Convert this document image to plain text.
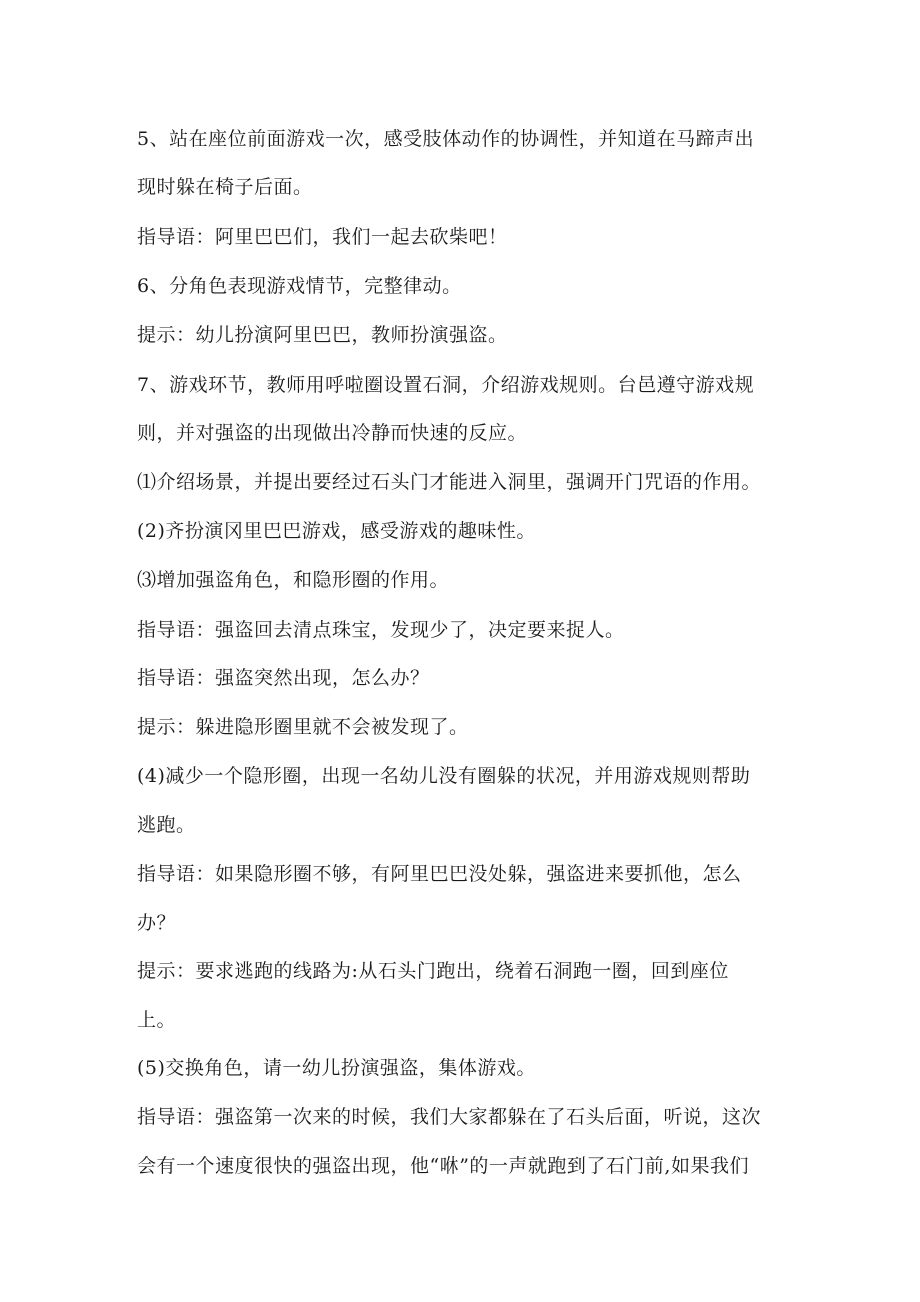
5、站在座位前面游戏一次，感受肢体动作的协调性，并知道在马蹄声出
现时躲在椅子后面。
指导语：阿里巴巴们，我们一起去砍柴吧！
6、分角色表现游戏情节，完整律动。
提示：幼儿扮演阿里巴巴，教师扮演强盗。
7、游戏环节，教师用呼啦圈设置石洞，介绍游戏规则。台邑遵守游戏规
则，并对强盗的出现做出冷静而快速的反应。
⑴介绍场景，并提出要经过石头门才能进入洞里，强调开门咒语的作用。
(2)齐扮演冈里巴巴游戏，感受游戏的趣味性。
⑶增加强盗角色，和隐形圈的作用。
指导语：强盗回去清点珠宝，发现少了，决定要来捉人。
指导语：强盗突然出现，怎么办？
提示：躲进隐形圈里就不会被发现了。
(4)减少一个隐形圈，出现一名幼儿没有圈躲的状况，并用游戏规则帮助
逃跑。
指导语：如果隐形圈不够，有阿里巴巴没处躲，强盗进来要抓他，怎么
办？
提示：要求逃跑的线路为:从石头门跑出，绕着石洞跑一圈，回到座位
上。
(5)交换角色，请一幼儿扮演强盗，集体游戏。
指导语：强盗第一次来的时候，我们大家都躲在了石头后面，听说，这次
会有一个速度很快的强盗出现，他“咻”的一声就跑到了石门前,如果我们
